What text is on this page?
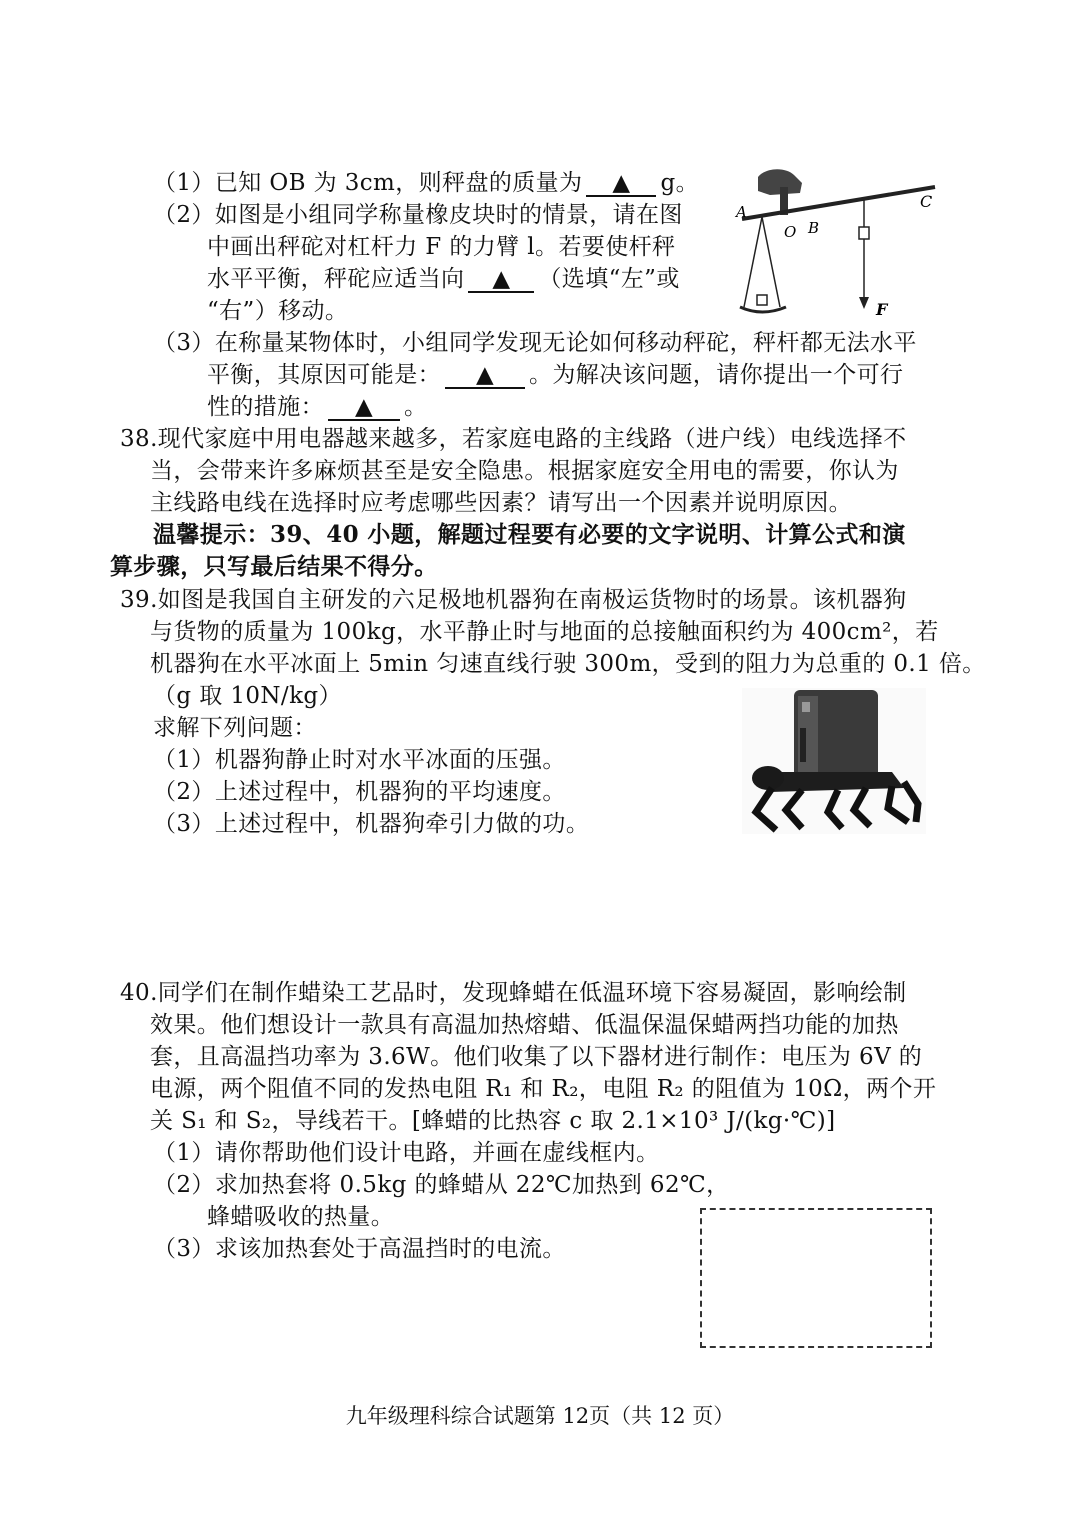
（1）已知 OB 为 3cm，则秤盘的质量为 ▲ g。
（2）如图是小组同学称量橡皮块时的情景，请在图
中画出秤砣对杠杆力 F 的力臂 l。若要使杆秤
水平平衡，秤砣应适当向 ▲ （选填“左”或
“右”）移动。
（3）在称量某物体时，小组同学发现无论如何移动秤砣，秤杆都无法水平
平衡，其原因可能是： ▲ 。为解决该问题，请你提出一个可行
性的措施： ▲ 。
A
O B
C
F
38.现代家庭中用电器越来越多，若家庭电路的主线路（进户线）电线选择不
当，会带来许多麻烦甚至是安全隐患。根据家庭安全用电的需要，你认为
主线路电线在选择时应考虑哪些因素？请写出一个因素并说明原因。
温馨提示：39、40 小题，解题过程要有必要的文字说明、计算公式和演
算步骤，只写最后结果不得分。
39.如图是我国自主研发的六足极地机器狗在南极运货物时的场景。该机器狗
与货物的质量为 100kg，水平静止时与地面的总接触面积约为 400cm²，若
机器狗在水平冰面上 5min 匀速直线行驶 300m，受到的阻力为总重的 0.1 倍。
（g 取 10N/kg）
求解下列问题：
（1）机器狗静止时对水平冰面的压强。
（2）上述过程中，机器狗的平均速度。
（3）上述过程中，机器狗牵引力做的功。
40.同学们在制作蜡染工艺品时，发现蜂蜡在低温环境下容易凝固，影响绘制
效果。他们想设计一款具有高温加热熔蜡、低温保温保蜡两挡功能的加热
套，且高温挡功率为 3.6W。他们收集了以下器材进行制作：电压为 6V 的
电源，两个阻值不同的发热电阻 R₁ 和 R₂，电阻 R₂ 的阻值为 10Ω，两个开
关 S₁ 和 S₂，导线若干。[蜂蜡的比热容 c 取 2.1×10³ J/(kg·℃)]
（1）请你帮助他们设计电路，并画在虚线框内。
（2）求加热套将 0.5kg 的蜂蜡从 22℃加热到 62℃，
蜂蜡吸收的热量。
（3）求该加热套处于高温挡时的电流。
九年级理科综合试题第 12页（共 12 页）
